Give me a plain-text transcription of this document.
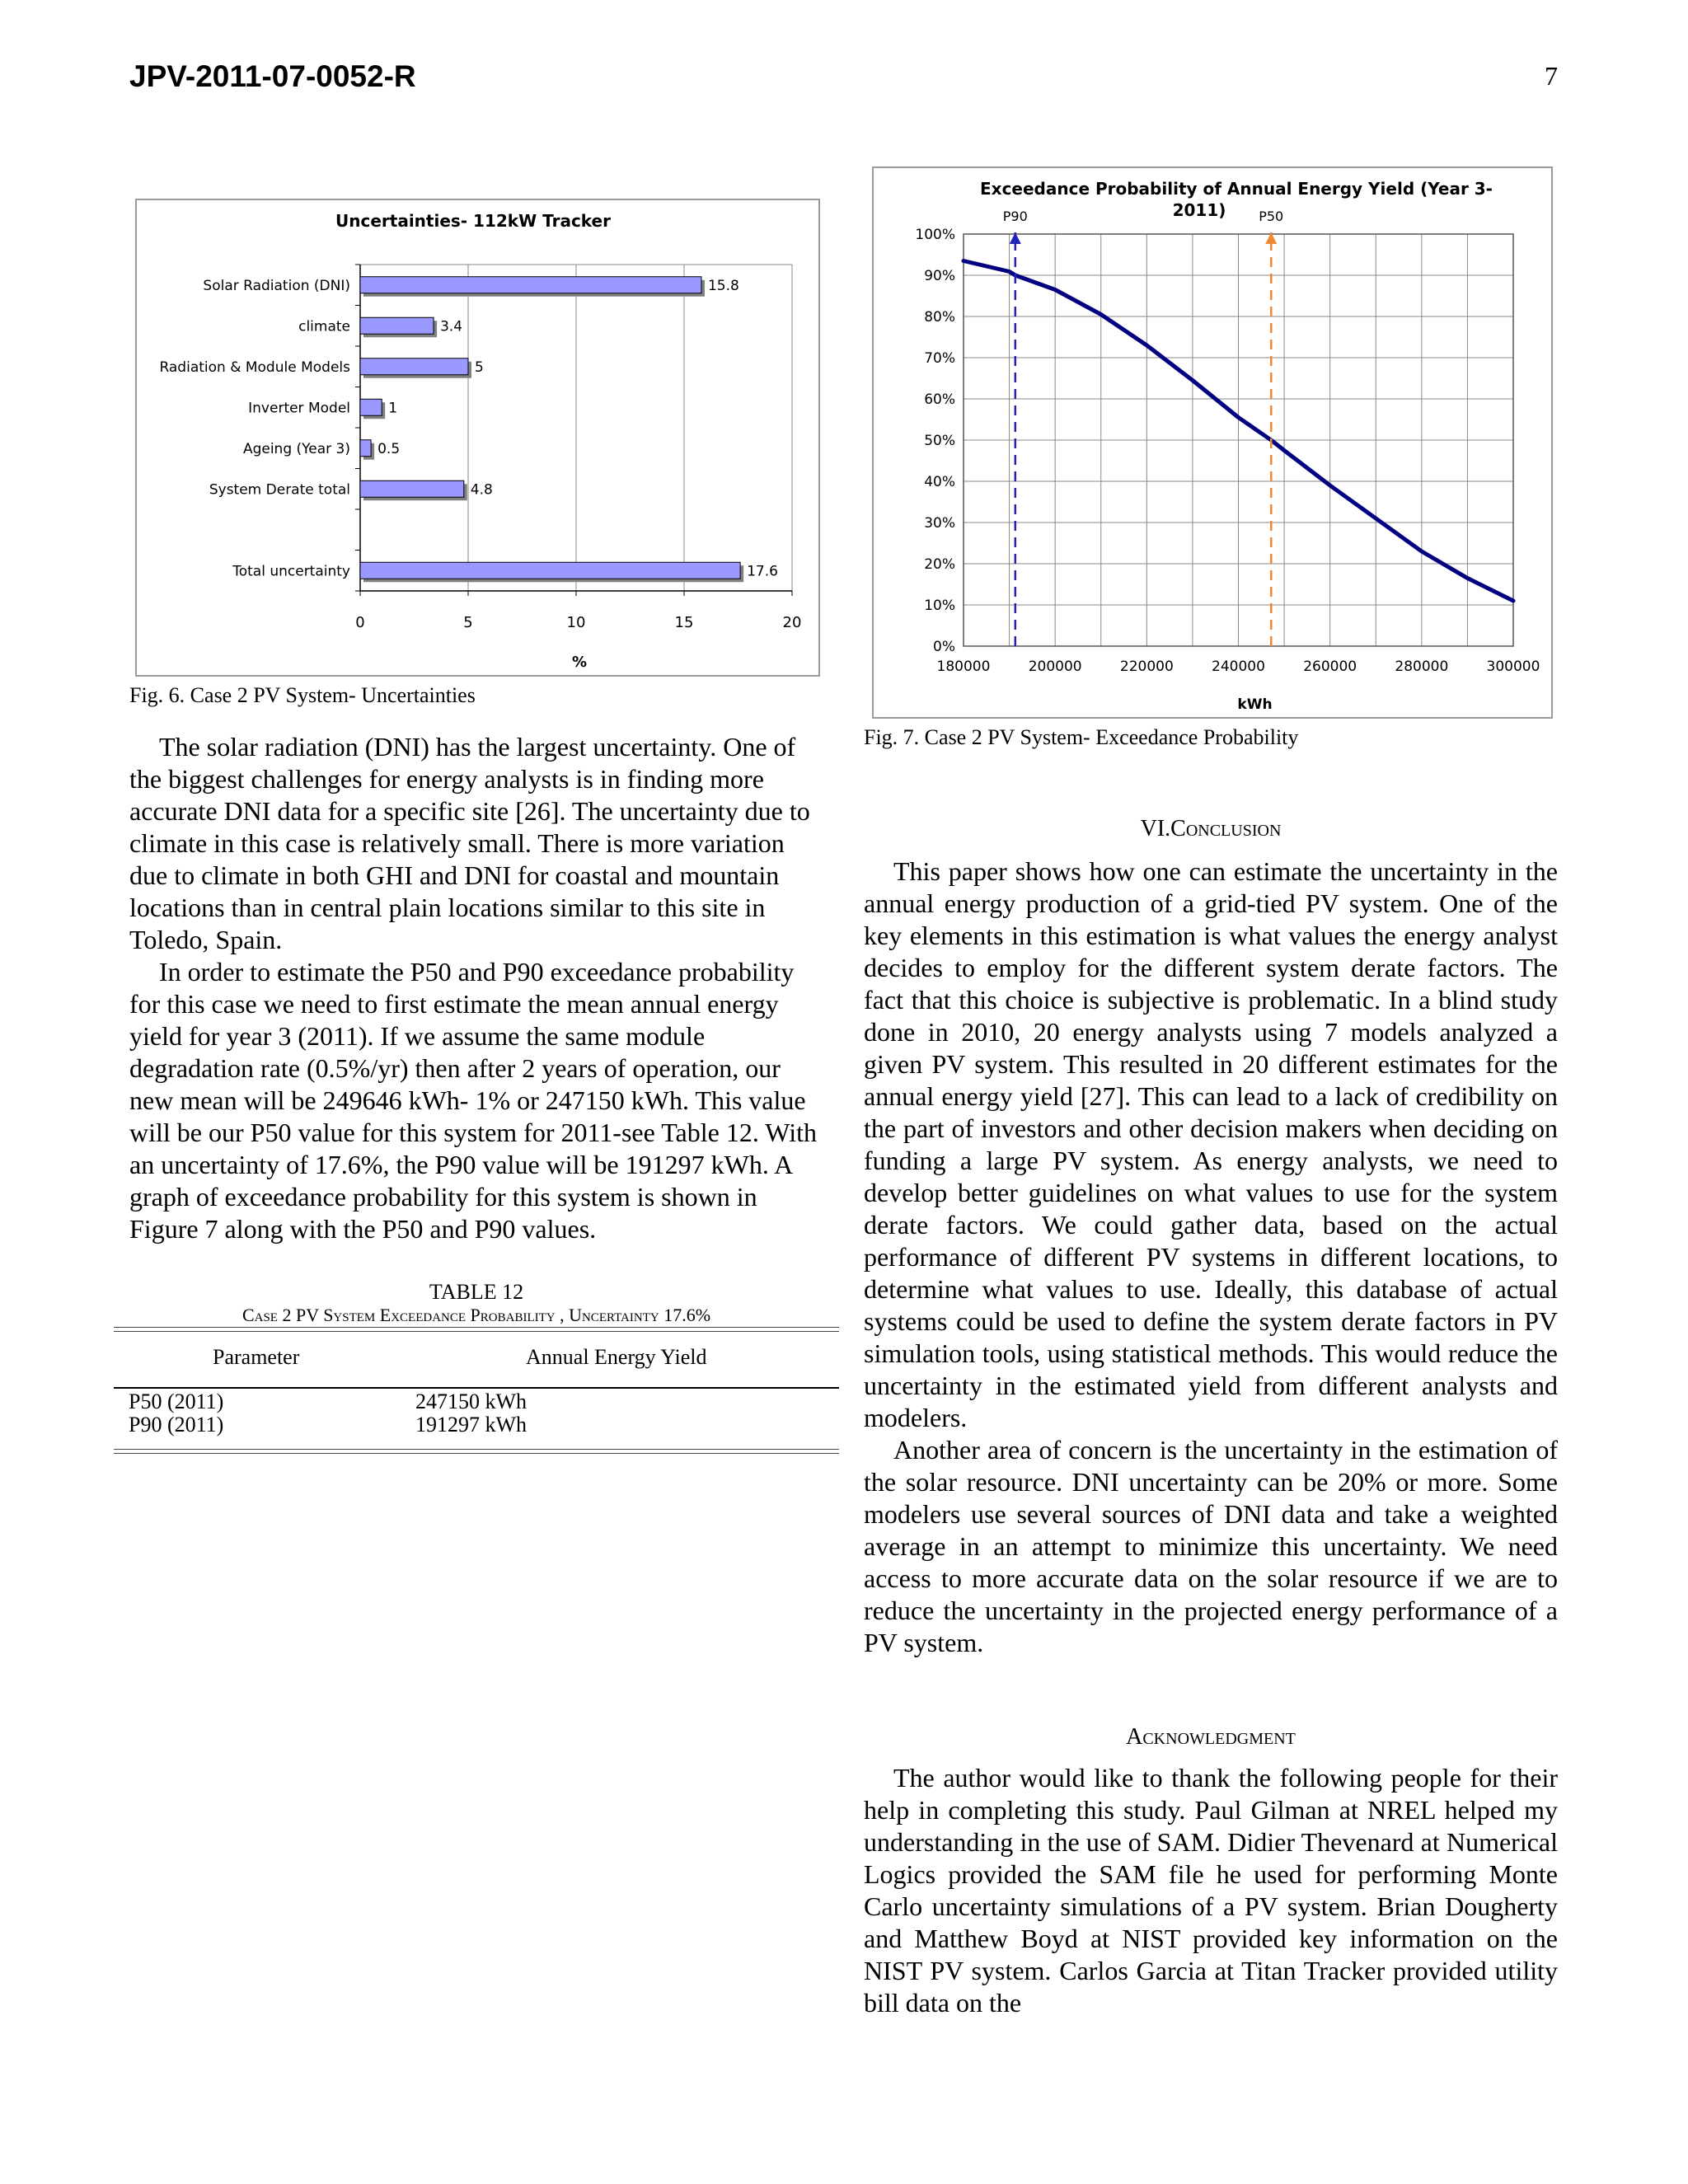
JPV-2011-07-0052-R	7
Uncertainties- 112kW Tracker
0	5	10	15	20
Solar Radiation (DNI)	15.8
climate	3.4
Radiation & Module Models	5
Inverter Model	1
Ageing (Year 3) 0.5
System Derate total	4.8
Total uncertainty	17.6
%
Fig. 6. Case 2 PV System- Uncertainties
Exceedance Probability of Annual Energy Yield (Year 3-
2011)
0%
10%
20%
30%
40%
50%
60%
70%
80%
90%
100%
180000	200000	220000	240000	260000	280000	300000
P90	P50
kWh
Fig. 7. Case 2 PV System- Exceedance Probability

The solar radiation (DNI) has the largest uncertainty. One of the biggest challenges for energy analysts is in finding more accurate DNI data for a specific site [26]. The uncertainty due to climate in this case is relatively small. There is more variation due to climate in both GHI and DNI for coastal and mountain locations than in central plain locations similar to this site in Toledo, Spain.

In order to estimate the P50 and P90 exceedance probability for this case we need to first estimate the mean annual energy yield for year 3 (2011). If we assume the same module degradation rate (0.5%/yr) then after 2 years of operation, our new mean will be 249646 kWh- 1% or 247150 kWh. This value will be our P50 value for this system for 2011-see Table 12. With an uncertainty of 17.6%, the P90 value will be 191297 kWh. A graph of exceedance probability for this system is shown in Figure 7 along with the P50 and P90 values.

TABLE 12
Case 2 PV System Exceedance Probability , Uncertainty 17.6%
Parameter	Annual Energy Yield
P50 (2011)	247150 kWh
P90 (2011)	191297 kWh
VI.Conclusion

This paper shows how one can estimate the uncertainty in the annual energy production of a grid-tied PV system. One of the key elements in this estimation is what values the energy analyst decides to employ for the different system derate factors. The fact that this choice is subjective is problematic. In a blind study done in 2010, 20 energy analysts using 7 models analyzed a given PV system. This resulted in 20 different estimates for the annual energy yield [27]. This can lead to a lack of credibility on the part of investors and other decision makers when deciding on funding a large PV system. As energy analysts, we need to develop better guidelines on what values to use for the system derate factors. We could gather data, based on the actual performance of different PV systems in different locations, to determine what values to use. Ideally, this database of actual systems could be used to define the system derate factors in PV simulation tools, using statistical methods. This would reduce the uncertainty in the estimated yield from different analysts and modelers.

Another area of concern is the uncertainty in the estimation of the solar resource. DNI uncertainty can be 20% or more. Some modelers use several sources of DNI data and take a weighted average in an attempt to minimize this uncertainty. We need access to more accurate data on the solar resource if we are to reduce the uncertainty in the projected energy performance of a PV system.

Acknowledgment

The author would like to thank the following people for their help in completing this study. Paul Gilman at NREL helped my understanding in the use of SAM. Didier Thevenard at Numerical Logics provided the SAM file he used for performing Monte Carlo uncertainty simulations of a PV system. Brian Dougherty and Matthew Boyd at NIST provided key information on the NIST PV system. Carlos Garcia at Titan Tracker provided utility bill data on the
